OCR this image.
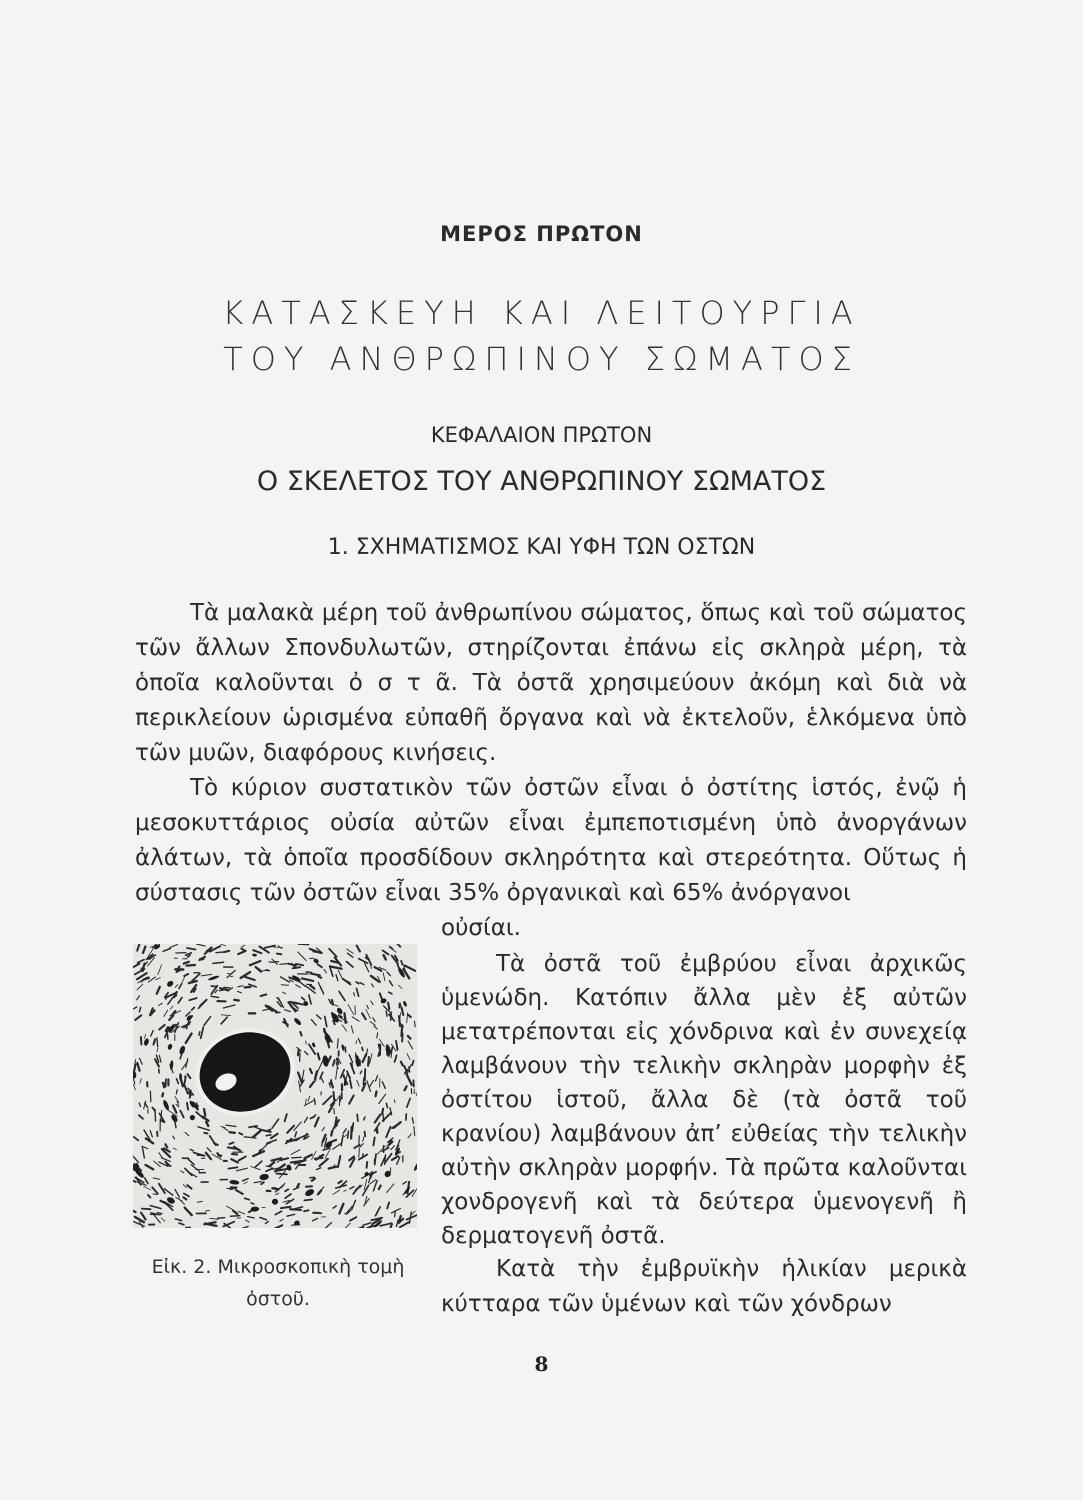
ΜΕΡΟΣ ΠΡΩΤΟΝ
ΚΑΤΑΣΚΕΥΗ ΚΑΙ ΛΕΙΤΟΥΡΓΙΑ
ΤΟΥ ΑΝΘΡΩΠΙΝΟΥ ΣΩΜΑΤΟΣ
ΚΕΦΑΛΑΙΟΝ ΠΡΩΤΟΝ
Ο ΣΚΕΛΕΤΟΣ ΤΟΥ ΑΝΘΡΩΠΙΝΟΥ ΣΩΜΑΤΟΣ
1. ΣΧΗΜΑΤΙΣΜΟΣ ΚΑΙ ΥΦΗ ΤΩΝ ΟΣΤΩΝ

Τὰ μαλακὰ μέρη τοῦ ἀνθρωπίνου σώματος, ὅπως καὶ τοῦ σώματος τῶν ἄλλων Σπονδυλωτῶν, στηρίζονται ἐπάνω εἰς σκληρὰ μέρη, τὰ ὁποῖα καλοῦνται ὀ σ τ ᾶ. Τὰ ὀστᾶ χρησιμεύουν ἀκόμη καὶ διὰ νὰ περικλείουν ὡρισμένα εὐπαθῆ ὄργανα καὶ νὰ ἐκτελοῦν, ἑλκόμενα ὑπὸ τῶν μυῶν, διαφόρους κινήσεις.

Τὸ κύριον συστατικὸν τῶν ὀστῶν εἶναι ὁ ὀστίτης ἱστός, ἐνῷ ἡ μεσοκυττάριος οὐσία αὐτῶν εἶναι ἐμπεποτισμένη ὑπὸ ἀνοργάνων ἀλάτων, τὰ ὁποῖα προσδίδουν σκληρότητα καὶ στερεότητα. Οὕτως ἡ σύστασις τῶν ὀστῶν εἶναι 35% ὀργανικαὶ καὶ 65% ἀνόργανοι

οὐσίαι.

Τὰ ὀστᾶ τοῦ ἐμβρύου εἶναι ἀρχικῶς ὑμενώδη. Κατόπιν ἄλλα μὲν ἐξ αὐτῶν μετατρέπονται εἰς χόνδρινα καὶ ἐν συνεχείᾳ λαμβάνουν τὴν τελικὴν σκληρὰν μορφὴν ἐξ ὀστίτου ἱστοῦ, ἄλλα δὲ (τὰ ὀστᾶ τοῦ κρανίου) λαμβάνουν ἀπ’ εὐθείας τὴν τελικὴν αὐτὴν σκληρὰν μορφήν. Τὰ πρῶτα καλοῦνται χονδρογενῆ καὶ τὰ δεύτερα ὑμενογενῆ ἢ δερματογενῆ ὀστᾶ.

Κατὰ τὴν ἐμβρυϊκὴν ἡλικίαν μερικὰ κύτταρα τῶν ὑμένων καὶ τῶν χόνδρων

Εἰκ. 2. Μικροσκοπικὴ τομὴ
ὀστοῦ.
8
